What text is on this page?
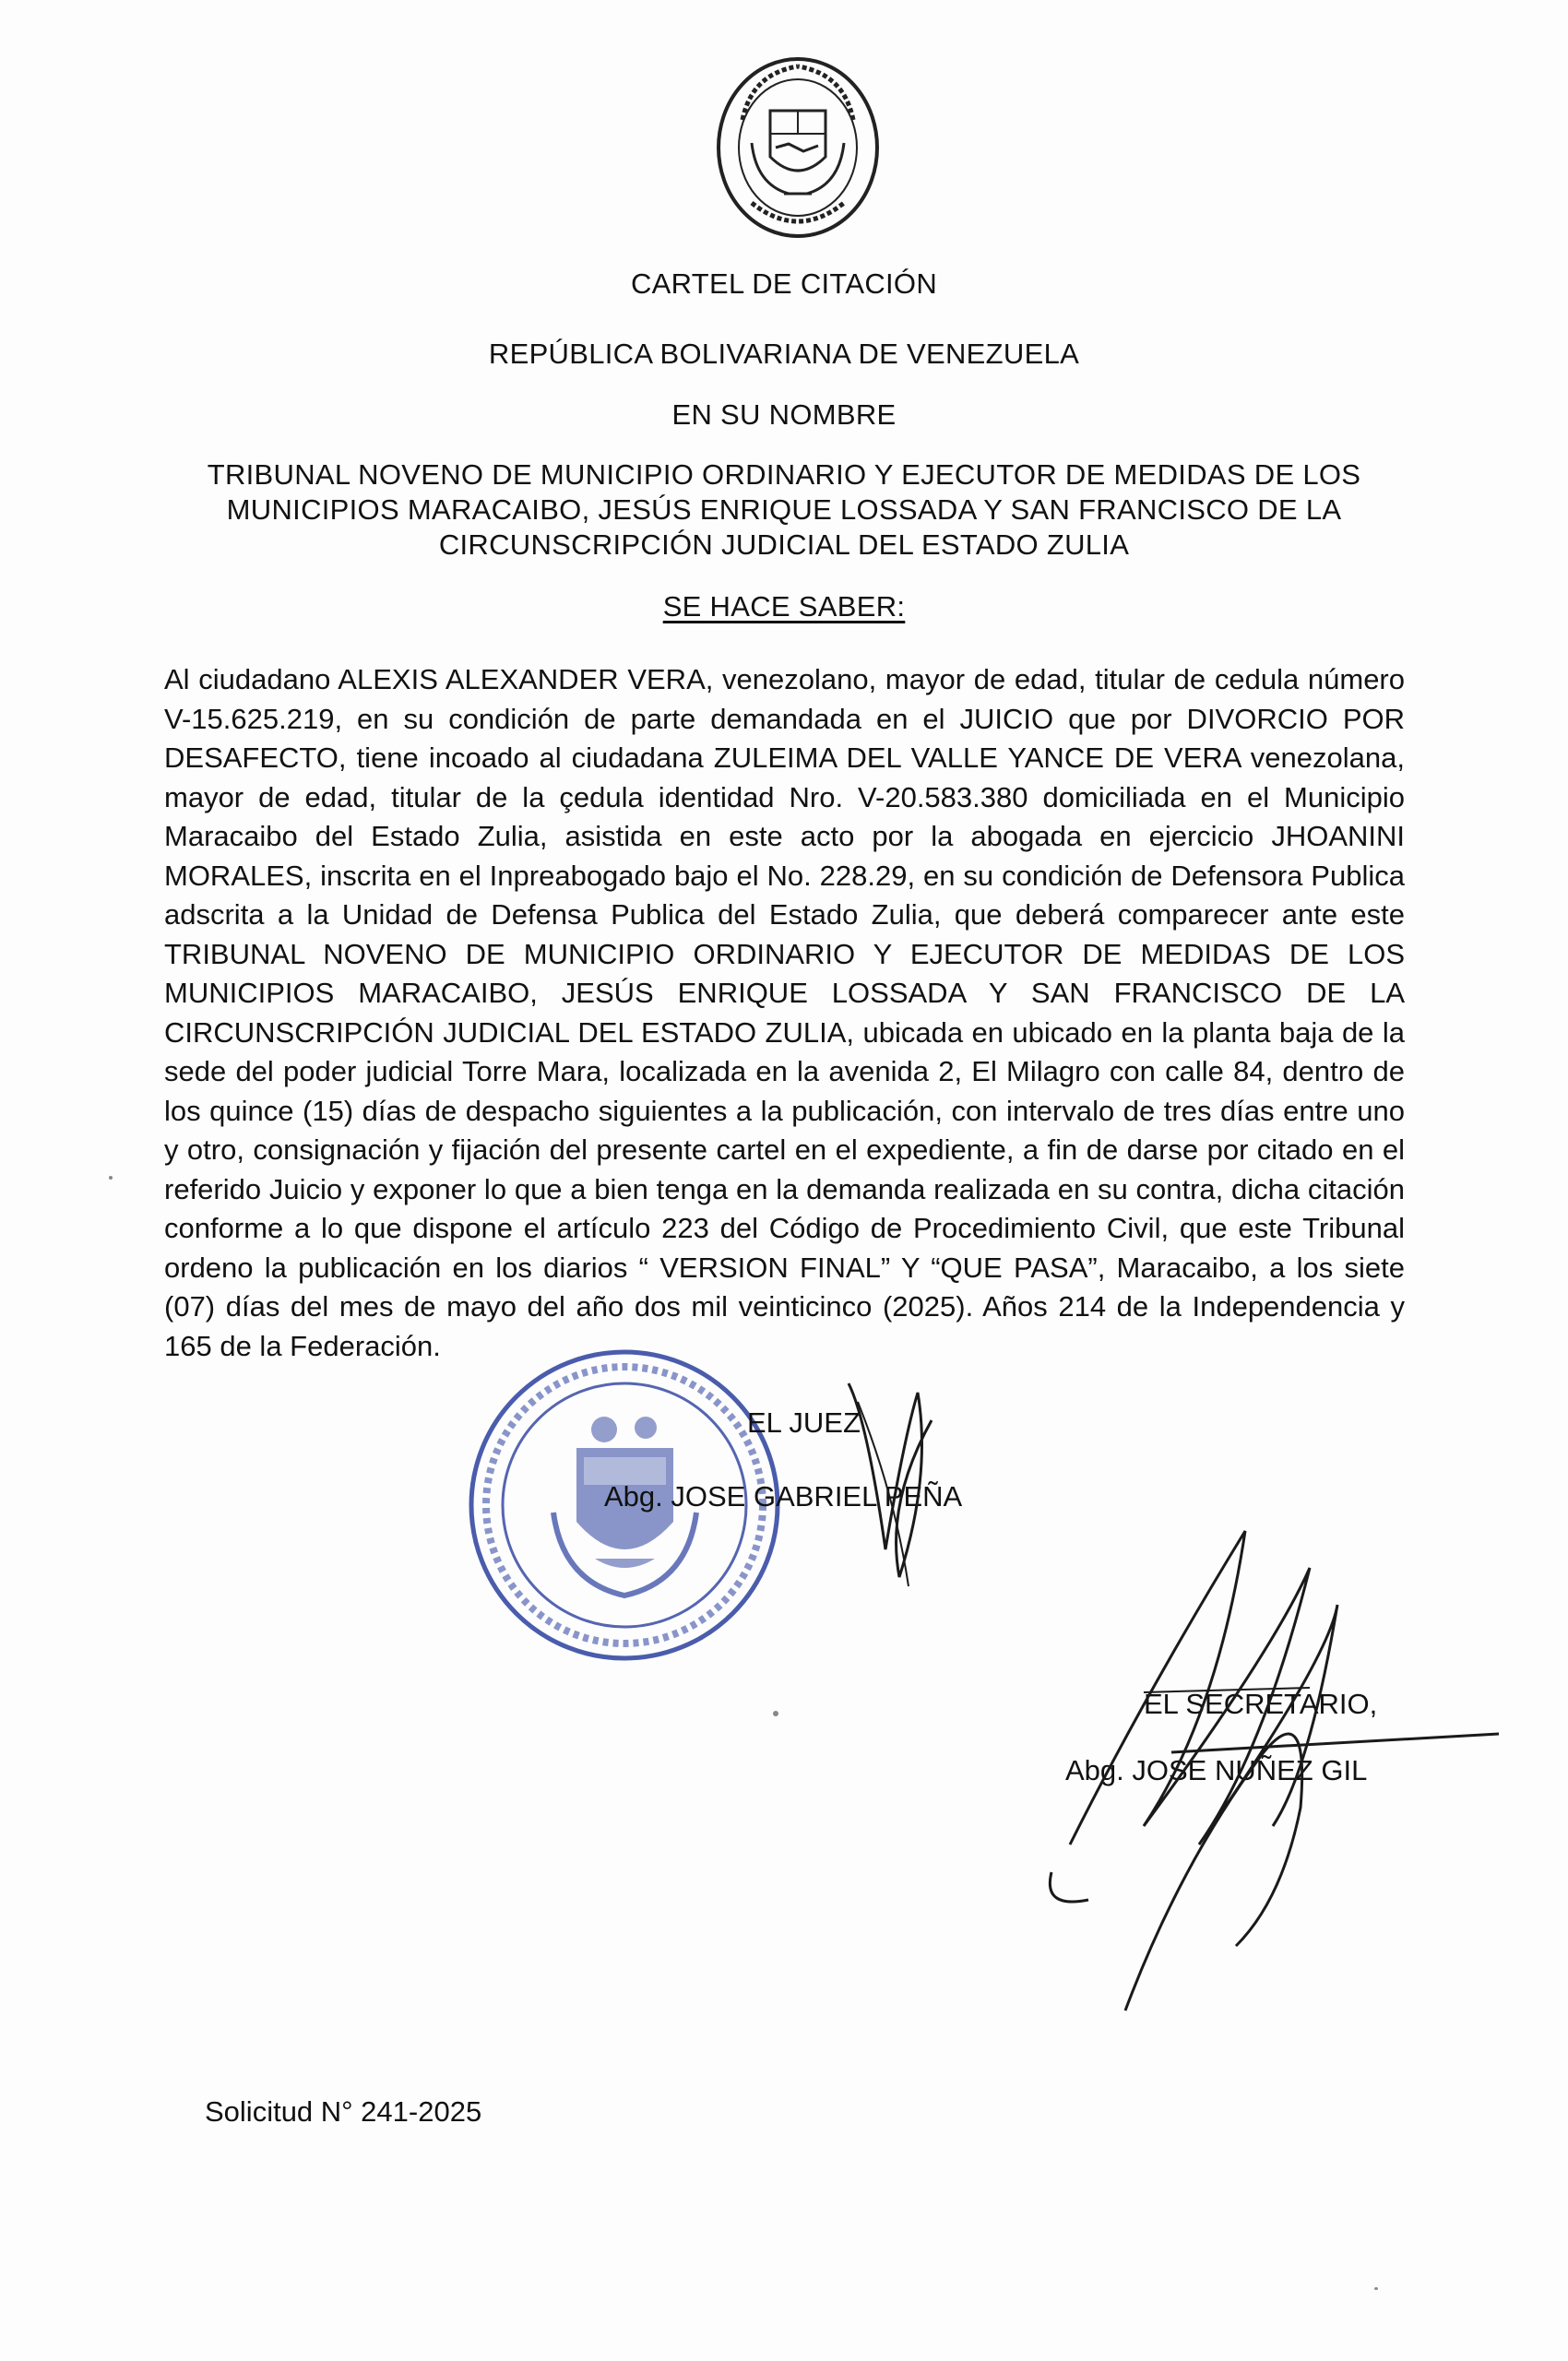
CARTEL DE CITACIÓN
REPÚBLICA BOLIVARIANA DE VENEZUELA
EN SU NOMBRE
TRIBUNAL NOVENO DE MUNICIPIO ORDINARIO Y EJECUTOR DE MEDIDAS DE LOS
MUNICIPIOS MARACAIBO, JESÚS ENRIQUE LOSSADA Y SAN FRANCISCO DE LA
CIRCUNSCRIPCIÓN JUDICIAL DEL ESTADO ZULIA
SE HACE SABER:
Al ciudadano ALEXIS ALEXANDER VERA, venezolano, mayor de edad, titular de cedula número V-15.625.219, en su condición de parte demandada en el JUICIO que por DIVORCIO POR DESAFECTO, tiene incoado al ciudadana ZULEIMA DEL VALLE YANCE DE VERA venezolana, mayor de edad, titular de la çedula identidad Nro. V-20.583.380 domiciliada en el Municipio Maracaibo del Estado Zulia, asistida en este acto por la abogada en ejercicio JHOANINI MORALES, inscrita en el Inpreabogado bajo el No. 228.29, en su condición de Defensora Publica adscrita a la Unidad de Defensa Publica del Estado Zulia, que deberá comparecer ante este TRIBUNAL NOVENO DE MUNICIPIO ORDINARIO Y EJECUTOR DE MEDIDAS DE LOS MUNICIPIOS MARACAIBO, JESÚS ENRIQUE LOSSADA Y SAN FRANCISCO DE LA CIRCUNSCRIPCIÓN JUDICIAL DEL ESTADO ZULIA, ubicada en ubicado en la planta baja de la sede del poder judicial Torre Mara, localizada en la avenida 2, El Milagro con calle 84, dentro de los quince (15) días de despacho siguientes a la publicación, con intervalo de tres días entre uno y otro, consignación y fijación del presente cartel en el expediente, a fin de darse por citado en el referido Juicio y exponer lo que a bien tenga en la demanda realizada en su contra, dicha citación conforme a lo que dispone el artículo 223 del Código de Procedimiento Civil, que este Tribunal ordeno la publicación en los diarios “ VERSION FINAL” Y “QUE PASA”, Maracaibo, a los siete (07) días del mes de mayo del año dos mil veinticinco (2025). Años 214 de la Independencia y 165 de la Federación.
EL JUEZ
Abg. JOSE GABRIEL PEÑA
EL SECRETARIO,
Abg. JOSE NUÑEZ GIL
Solicitud N° 241-2025
